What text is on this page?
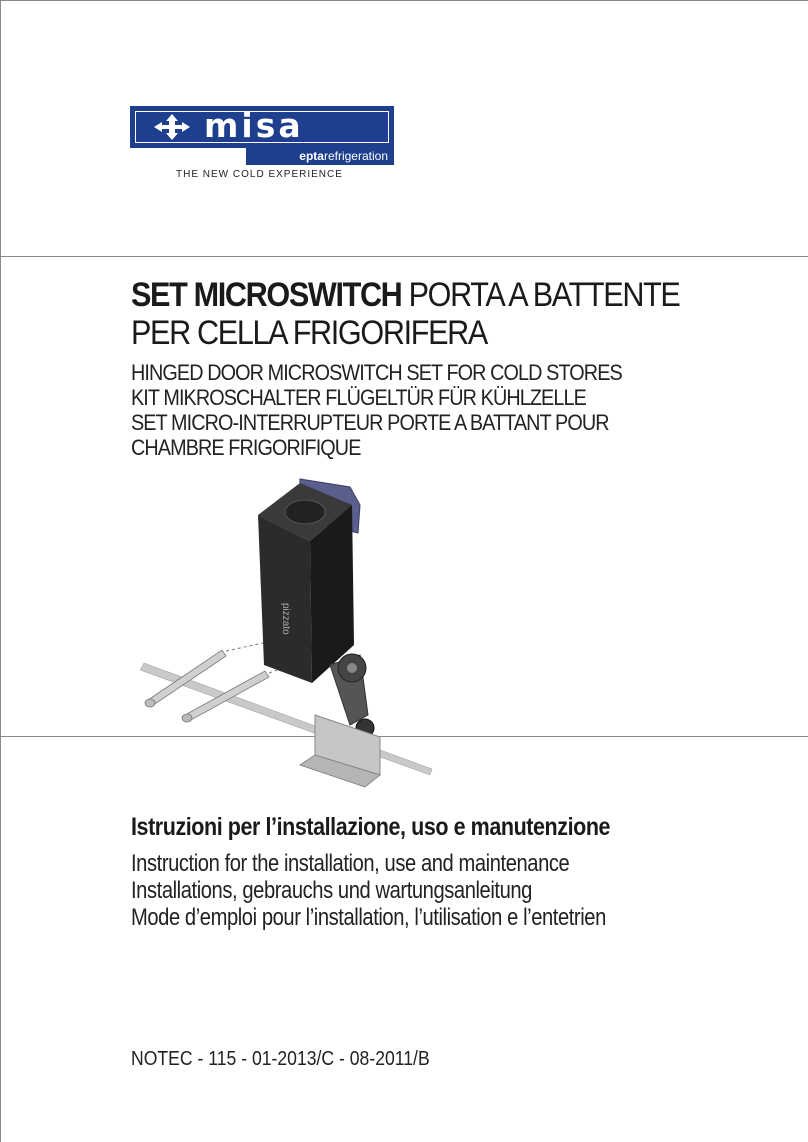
misa
eptarefrigeration
THE NEW COLD EXPERIENCE
SET MICROSWITCH PORTA A BATTENTE
PER CELLA FRIGORIFERA
HINGED DOOR MICROSWITCH SET FOR COLD STORES
KIT MIKROSCHALTER FLÜGELTÜR FÜR KÜHLZELLE
SET MICRO-INTERRUPTEUR PORTE A BATTANT POUR
CHAMBRE FRIGORIFIQUE
pizzato
Istruzioni per l’installazione, uso e manutenzione
Instruction for the installation, use and maintenance
Installations, gebrauchs und wartungsanleitung
Mode d’emploi pour l’installation, l’utilisation e l’entetrien
NOTEC - 115 - 01-2013/C - 08-2011/B
